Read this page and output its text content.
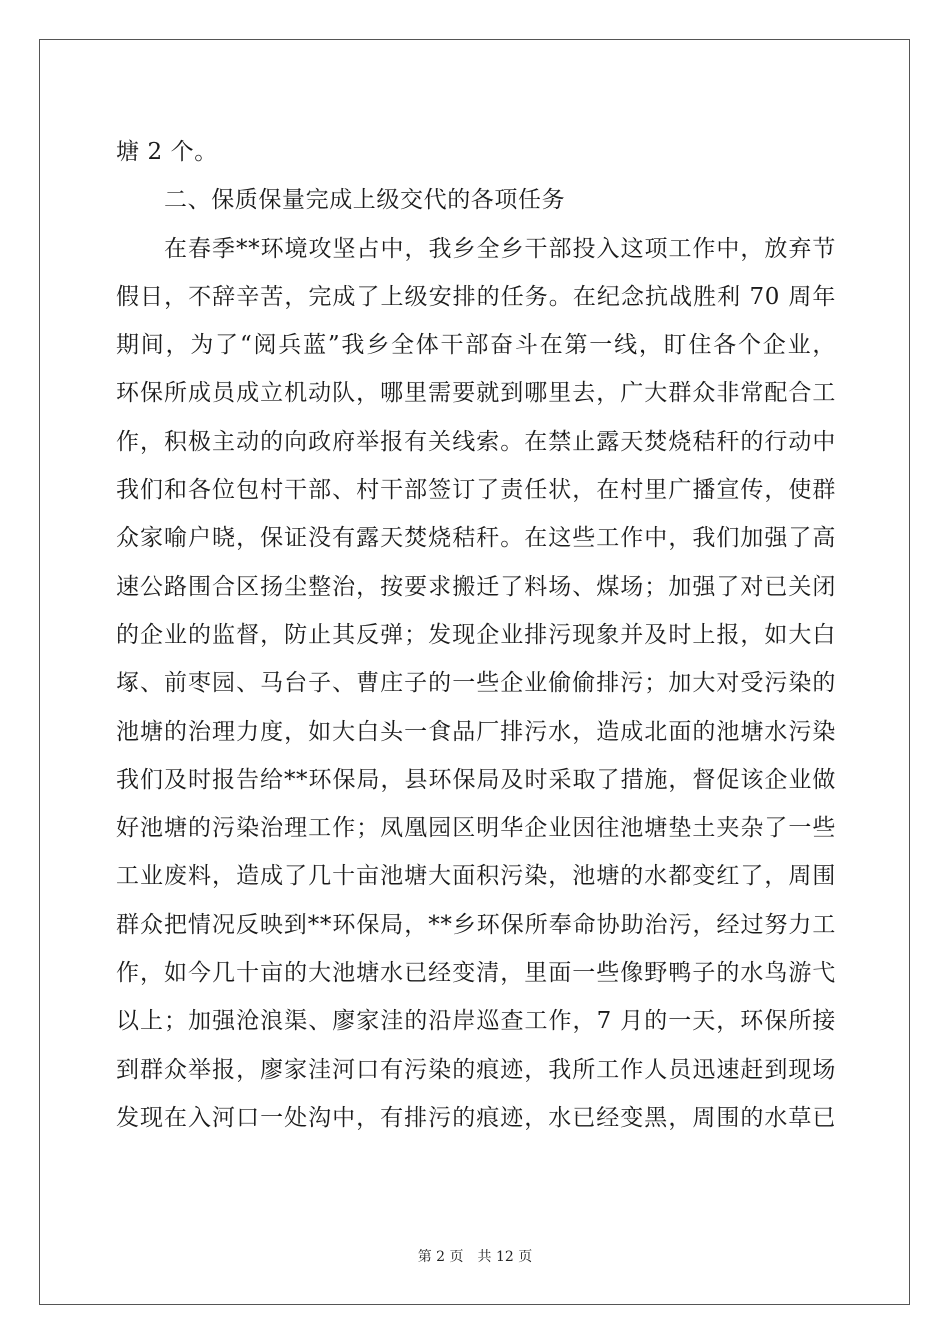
塘 2 个。
二、保质保量完成上级交代的各项任务
在春季**环境攻坚占中，我乡全乡干部投入这项工作中，放弃节
假日，不辞辛苦，完成了上级安排的任务。在纪念抗战胜利 70 周年
期间，为了“阅兵蓝”我乡全体干部奋斗在第一线，盯住各个企业，
环保所成员成立机动队，哪里需要就到哪里去，广大群众非常配合工
作，积极主动的向政府举报有关线索。在禁止露天焚烧秸秆的行动中
我们和各位包村干部、村干部签订了责任状，在村里广播宣传，使群
众家喻户晓，保证没有露天焚烧秸秆。在这些工作中，我们加强了高
速公路围合区扬尘整治，按要求搬迁了料场、煤场；加强了对已关闭
的企业的监督，防止其反弹；发现企业排污现象并及时上报，如大白
塚、前枣园、马台子、曹庄子的一些企业偷偷排污；加大对受污染的
池塘的治理力度，如大白头一食品厂排污水，造成北面的池塘水污染
我们及时报告给**环保局，县环保局及时采取了措施，督促该企业做
好池塘的污染治理工作；凤凰园区明华企业因往池塘垫土夹杂了一些
工业废料，造成了几十亩池塘大面积污染，池塘的水都变红了，周围
群众把情况反映到**环保局，**乡环保所奉命协助治污，经过努力工
作，如今几十亩的大池塘水已经变清，里面一些像野鸭子的水鸟游弋
以上；加强沧浪渠、廖家洼的沿岸巡查工作，7 月的一天，环保所接
到群众举报，廖家洼河口有污染的痕迹，我所工作人员迅速赶到现场
发现在入河口一处沟中，有排污的痕迹，水已经变黑，周围的水草已
第 2 页 共 12 页
